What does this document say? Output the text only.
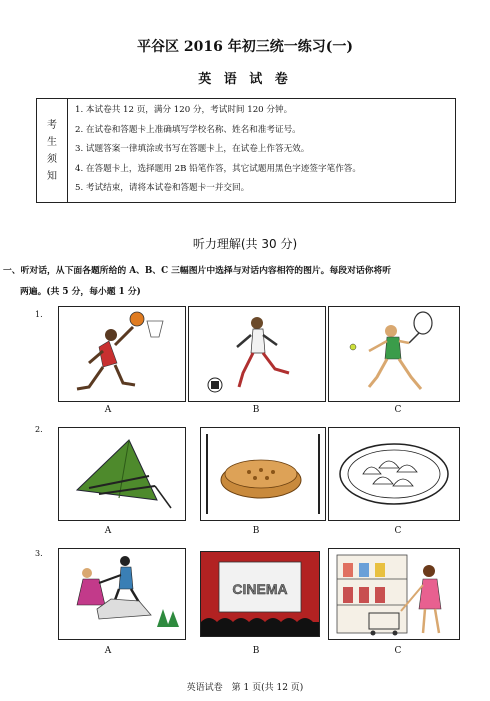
平谷区 2016 年初三统一练习(一)
英 语 试 卷
考
生
须
知
1. 本试卷共 12 页，满分 120 分，考试时间 120 分钟。
2. 在试卷和答题卡上准确填写学校名称、姓名和准考证号。
3. 试题答案一律填涂或书写在答题卡上，在试卷上作答无效。
4. 在答题卡上，选择题用 2B 铅笔作答，其它试题用黑色字迹签字笔作答。
5. 考试结束，请将本试卷和答题卡一并交回。
听力理解(共 30 分)
一、听对话，从下面各题所给的 A、B、C 三幅图片中选择与对话内容相符的图片。每段对话你将听
两遍。(共 5 分，每小题 1 分)
1.
A	B	C
2.
A	B	C
3.
CINEMA
A	B	C
英语试卷　第 1 页(共 12 页)
